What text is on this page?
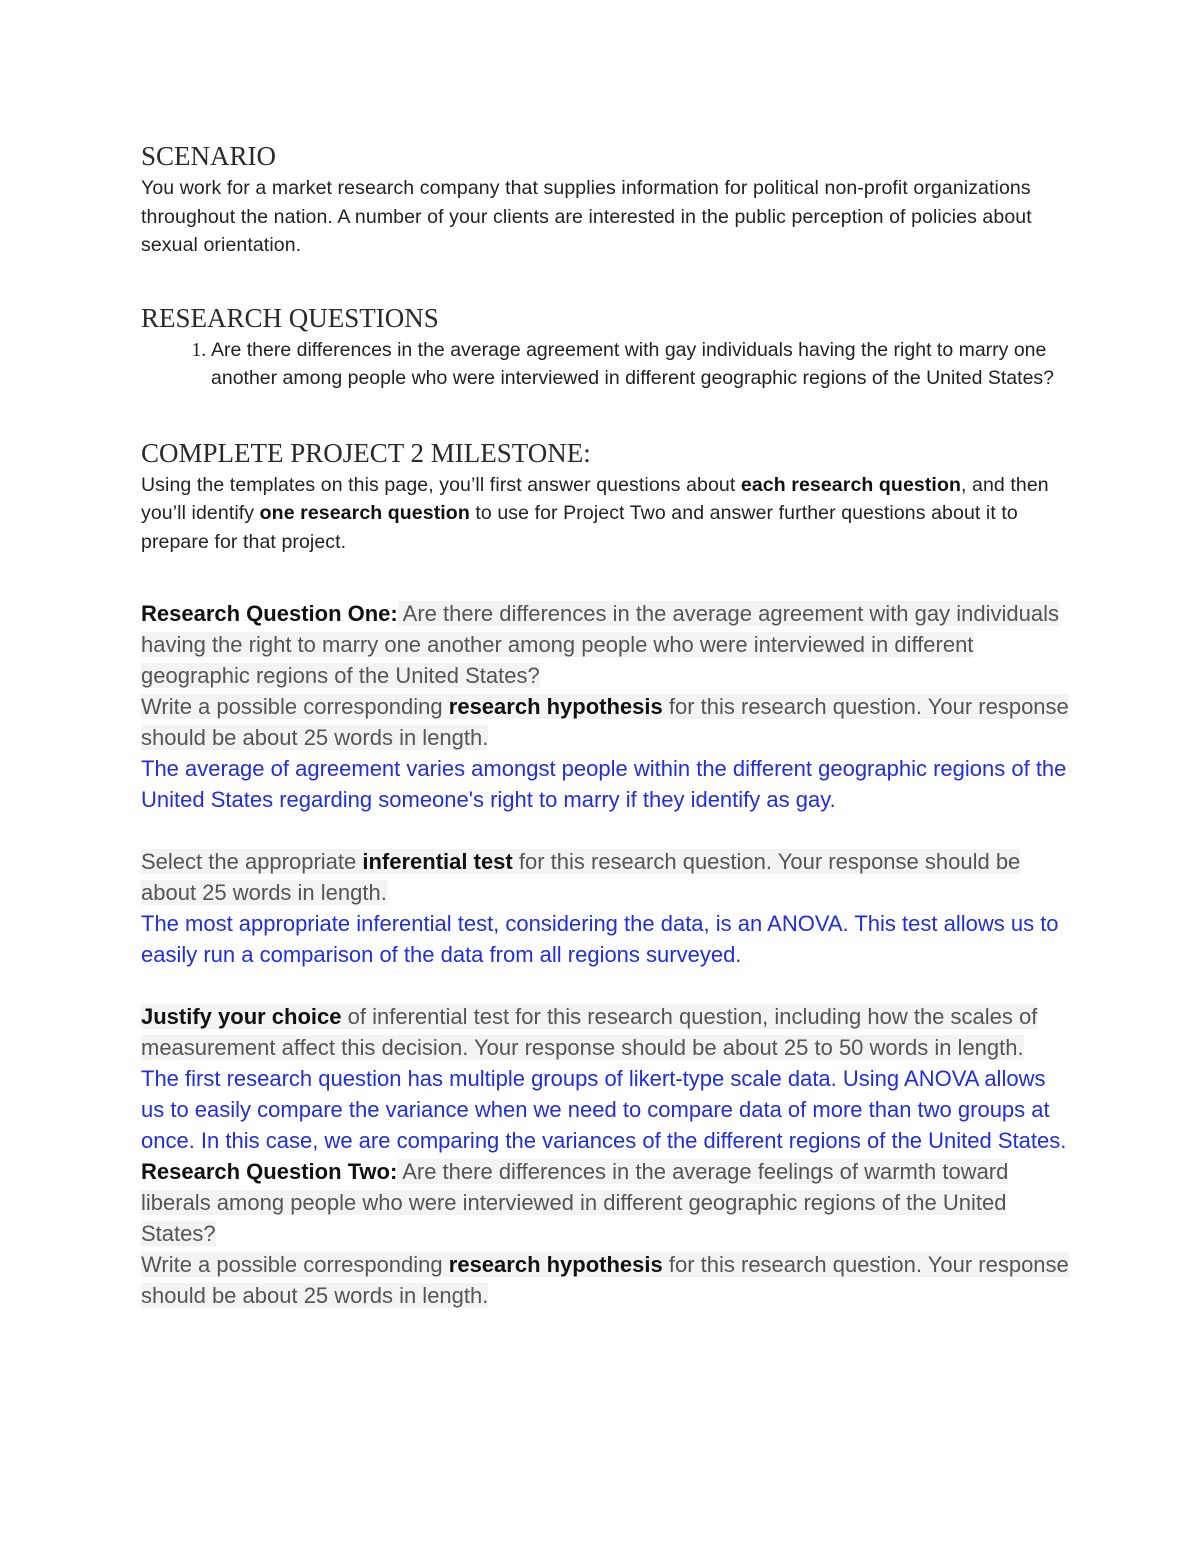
SCENARIO

You work for a market research company that supplies information for political non-profit organizations throughout the nation. A number of your clients are interested in the public perception of policies about sexual orientation.

RESEARCH QUESTIONS
1. Are there differences in the average agreement with gay individuals having the right to marry one another among people who were interviewed in different geographic regions of the United States?
COMPLETE PROJECT 2 MILESTONE:

Using the templates on this page, you’ll first answer questions about each research question, and then you’ll identify one research question to use for Project Two and answer further questions about it to prepare for that project.

Research Question One: Are there differences in the average agreement with gay individuals having the right to marry one another among people who were interviewed in different geographic regions of the United States?

Write a possible corresponding research hypothesis for this research question. Your response should be about 25 words in length.

The average of agreement varies amongst people within the different geographic regions of the United States regarding someone's right to marry if they identify as gay.

Select the appropriate inferential test for this research question. Your response should be about 25 words in length.

The most appropriate inferential test, considering the data, is an ANOVA. This test allows us to easily run a comparison of the data from all regions surveyed.

Justify your choice of inferential test for this research question, including how the scales of measurement affect this decision. Your response should be about 25 to 50 words in length.

The first research question has multiple groups of likert-type scale data. Using ANOVA allows us to easily compare the variance when we need to compare data of more than two groups at once. In this case, we are comparing the variances of the different regions of the United States.

Research Question Two: Are there differences in the average feelings of warmth toward liberals among people who were interviewed in different geographic regions of the United States?

Write a possible corresponding research hypothesis for this research question. Your response should be about 25 words in length.
